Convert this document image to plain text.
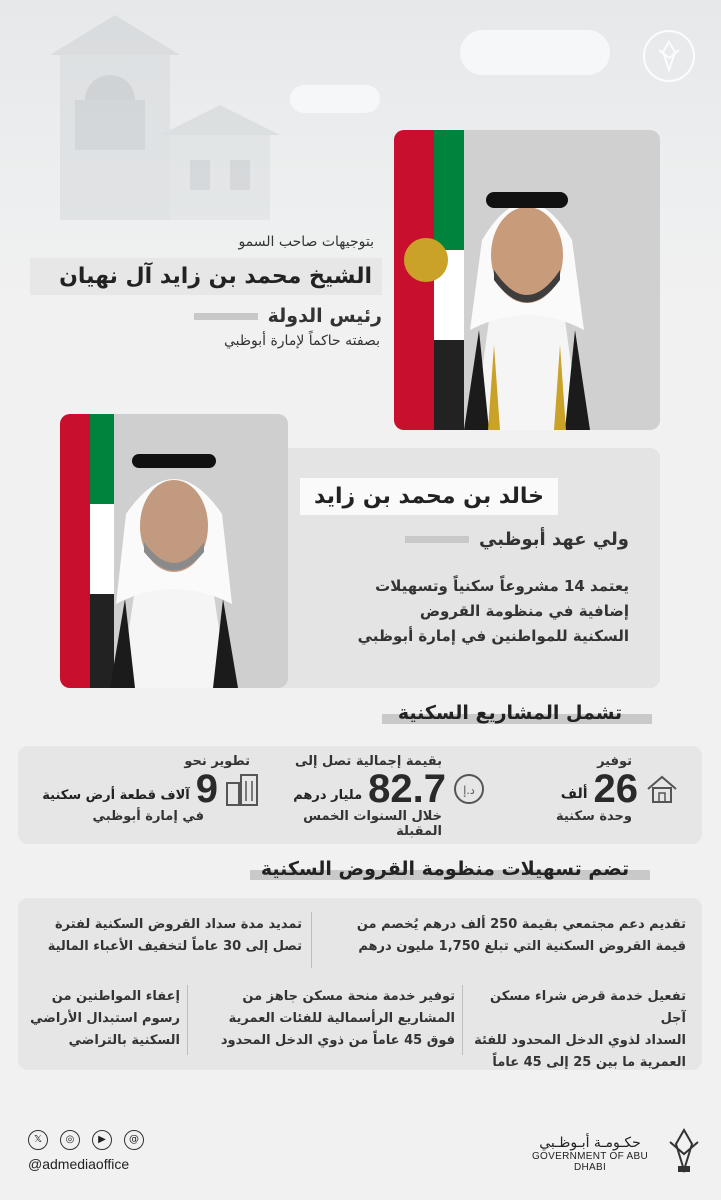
بتوجيهات صاحب السمو
الشيخ محمد بن زايد آل نهيان
رئيس الدولة
بصفته حاكماً لإمارة أبوظبي
خالد بن محمد بن زايد
ولي عهد أبوظبي
يعتمد 14 مشروعاً سكنياً وتسهيلات
إضافية في منظومة القروض
السكنية للمواطنين في إمارة أبوظبي
تشمل المشاريع السكنية
توفير
26
ألف
وحدة سكنية
بقيمة إجمالية تصل إلى
د.إ
82.7
مليار درهم
خلال السنوات الخمس المقبلة
تطوير نحو
9
آلاف قطعة أرض سكنية
في إمارة أبوظبي
تضم تسهيلات منظومة القروض السكنية
تقديم دعم مجتمعي بقيمة 250 ألف درهم يُخصم من
قيمة القروض السكنية التي تبلغ 1,750 مليون درهم
تمديد مدة سداد القروض السكنية لفترة
تصل إلى 30 عاماً لتخفيف الأعباء المالية
تفعيل خدمة قرض شراء مسكن آجل
السداد لذوي الدخل المحدود للفئة
العمرية ما بين 25 إلى 45 عاماً
توفير خدمة منحة مسكن جاهز من
المشاريع الرأسمالية للفئات العمرية
فوق 45 عاماً من ذوي الدخل المحدود
إعفاء المواطنين من
رسوم استبدال الأراضي
السكنية بالتراضي
𝕏	◎	▶	@
@admediaoffice
حكـومـة أبـوظـبي
GOVERNMENT OF ABU DHABI
